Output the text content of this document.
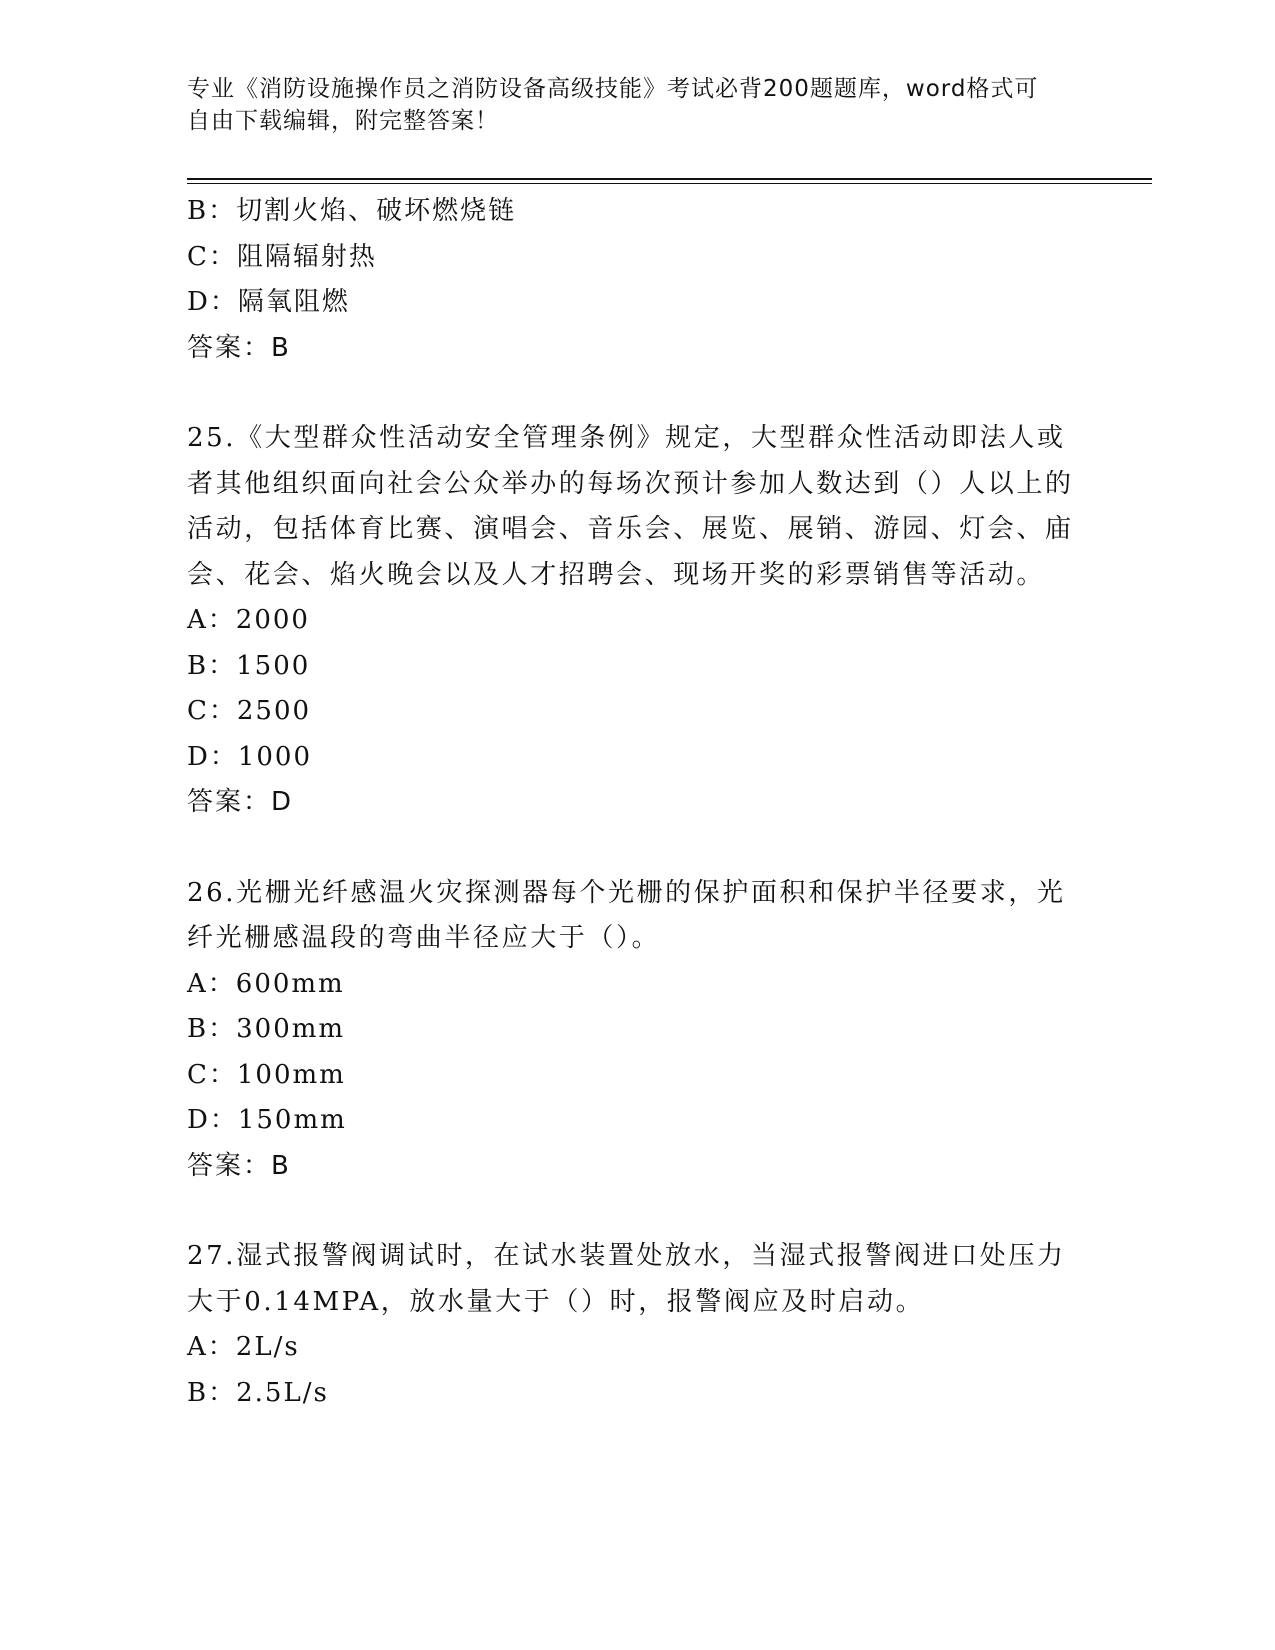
专业《消防设施操作员之消防设备高级技能》考试必背200题题库，word格式可
自由下载编辑，附完整答案！
B：切割火焰、破坏燃烧链
C：阻隔辐射热
D：隔氧阻燃
答案：B
25.《大型群众性活动安全管理条例》规定，大型群众性活动即法人或者其他组织面向社会公众举办的每场次预计参加人数达到（）人以上的活动，包括体育比赛、演唱会、音乐会、展览、展销、游园、灯会、庙会、花会、焰火晚会以及人才招聘会、现场开奖的彩票销售等活动。
A：2000
B：1500
C：2500
D：1000
答案：D
26.光栅光纤感温火灾探测器每个光栅的保护面积和保护半径要求，光纤光栅感温段的弯曲半径应大于（）。
A：600mm
B：300mm
C：100mm
D：150mm
答案：B
27.湿式报警阀调试时，在试水装置处放水，当湿式报警阀进口处压力大于0.14MPA，放水量大于（）时，报警阀应及时启动。
A：2L/s
B：2.5L/s
